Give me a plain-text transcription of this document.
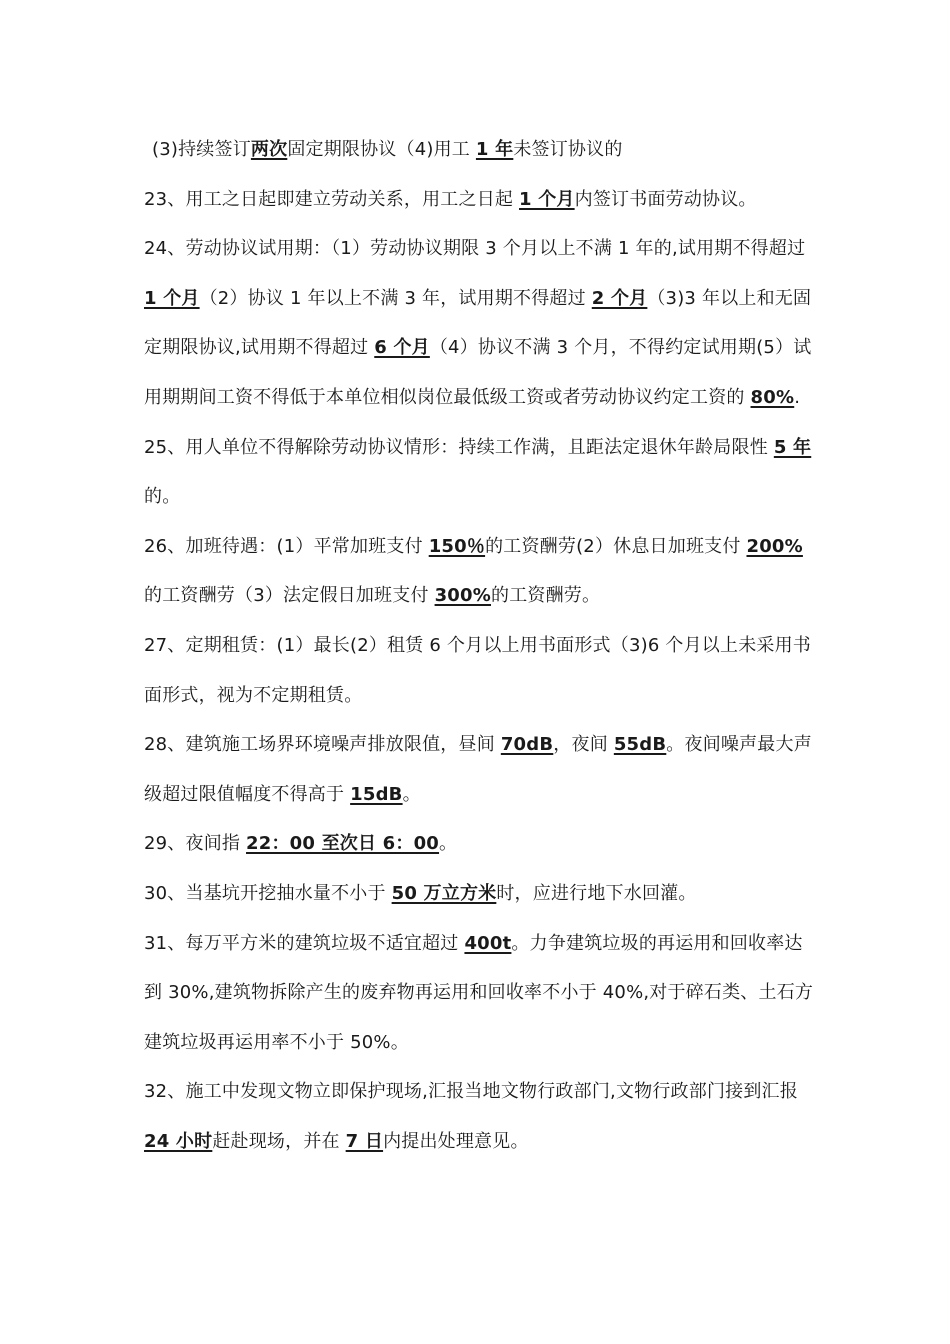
(3)持续签订两次固定期限协议（4)用工 1 年未签订协议的

23、用工之日起即建立劳动关系，用工之日起 1 个月内签订书面劳动协议。

24、劳动协议试用期：（1）劳动协议期限 3 个月以上不满 1 年的,试用期不得超过 1 个月（2）协议 1 年以上不满 3 年，试用期不得超过 2 个月（3)3 年以上和无固定期限协议,试用期不得超过 6 个月（4）协议不满 3 个月，不得约定试用期(5）试用期期间工资不得低于本单位相似岗位最低级工资或者劳动协议约定工资的 80%.

25、用人单位不得解除劳动协议情形：持续工作满，且距法定退休年龄局限性 5 年的。

26、加班待遇：(1）平常加班支付 150％的工资酬劳(2）休息日加班支付 200%的工资酬劳（3）法定假日加班支付 300%的工资酬劳。

27、定期租赁：(1）最长(2）租赁 6 个月以上用书面形式（3)6 个月以上未采用书面形式，视为不定期租赁。

28、建筑施工场界环境噪声排放限值，昼间 70dB，夜间 55dB。夜间噪声最大声级超过限值幅度不得高于 15dB。

29、夜间指 22：00 至次日 6：00。

30、当基坑开挖抽水量不小于 50 万立方米时，应进行地下水回灌。

31、每万平方米的建筑垃圾不适宜超过 400t。力争建筑垃圾的再运用和回收率达到 30%,建筑物拆除产生的废弃物再运用和回收率不小于 40%,对于碎石类、土石方建筑垃圾再运用率不小于 50%。

32、施工中发现文物立即保护现场,汇报当地文物行政部门,文物行政部门接到汇报 24 小时赶赴现场，并在 7 日内提出处理意见。
